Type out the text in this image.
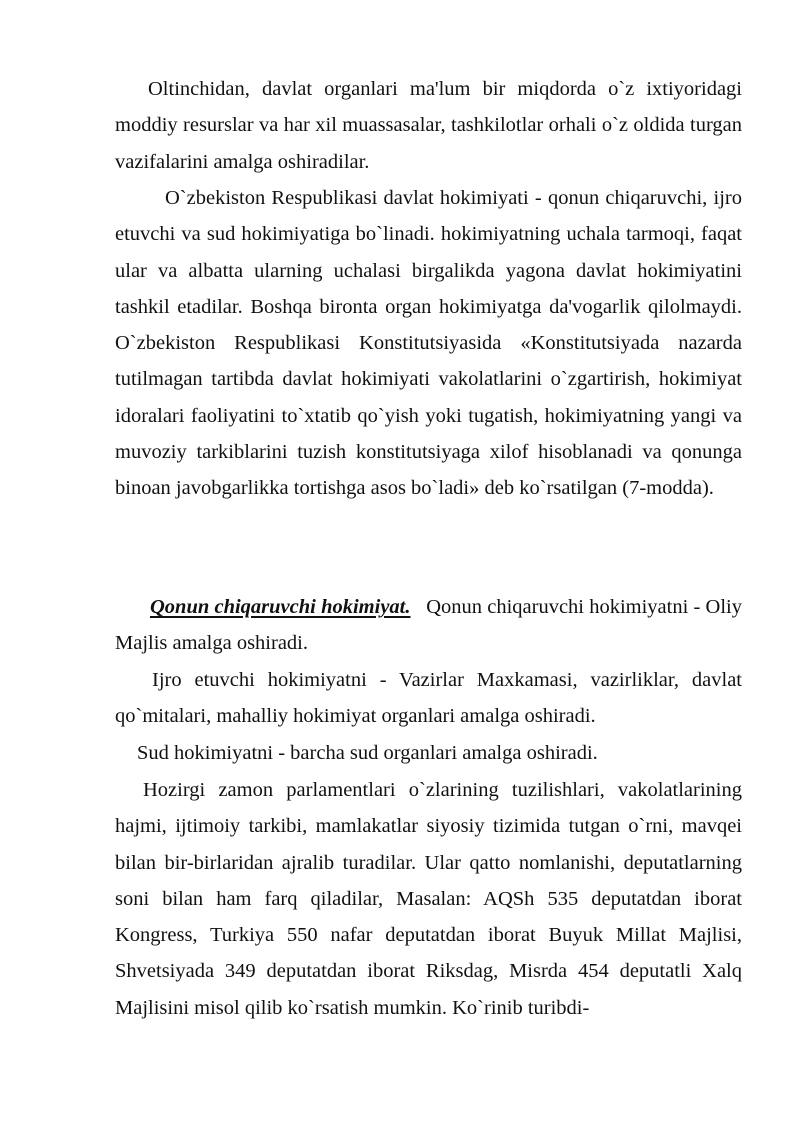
Oltinchidan, davlat organlari ma'lum bir miqdorda o`z ixtiyoridagi moddiy resurslar va har xil muassasalar, tashkilotlar orhali o`z oldida turgan vazifalarini amalga oshiradilar.

O`zbekiston Respublikasi davlat hokimiyati - qonun chiqaruvchi, ijro etuvchi va sud hokimiyatiga bo`linadi. hokimiyatning uchala tarmoqi, faqat ular va albatta ularning uchalasi birgalikda yagona davlat hokimiyatini tashkil etadilar. Boshqa bironta organ hokimiyatga da'vogarlik qilolmaydi. O`zbekiston Respublikasi Konstitutsiyasida «Konstitutsiyada nazarda tutilmagan tartibda davlat hokimiyati vakolatlarini o`zgartirish, hokimiyat idoralari faoliyatini to`xtatib qo`yish yoki tugatish, hokimiyatning yangi va muvoziy tarkiblarini tuzish konstitutsiyaga xilof hisoblanadi va qonunga binoan javobgarlikka tortishga asos bo`ladi» deb ko`rsatilgan (7-modda).

Qonun chiqaruvchi hokimiyat. Qonun chiqaruvchi hokimiyatni - Oliy Majlis amalga oshiradi.

Ijro etuvchi hokimiyatni - Vazirlar Maxkamasi, vazirliklar, davlat qo`mitalari, mahalliy hokimiyat organlari amalga oshiradi.

Sud hokimiyatni - barcha sud organlari amalga oshiradi.

Hozirgi zamon parlamentlari o`zlarining tuzilishlari, vakolatlarining hajmi, ijtimoiy tarkibi, mamlakatlar siyosiy tizimida tutgan o`rni, mavqei bilan bir-birlaridan ajralib turadilar. Ular qatto nomlanishi, deputatlarning soni bilan ham farq qiladilar, Masalan: AQSh 535 deputatdan iborat Kongress, Turkiya 550 nafar deputatdan iborat Buyuk Millat Majlisi, Shvetsiyada 349 deputatdan iborat Riksdag, Misrda 454 deputatli Xalq Majlisini misol qilib ko`rsatish mumkin. Ko`rinib turibdi-
